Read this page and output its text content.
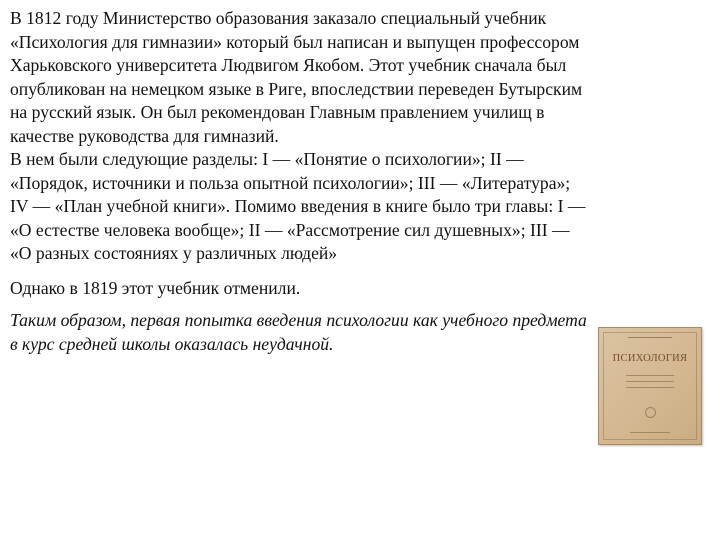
В 1812 году Министерство образования заказало специальный учебник
«Психология для гимназии» который был написан и выпущен профессором
Харьковского университета Людвигом Якобом. Этот учебник сначала был
опубликован на немецком языке в Риге, впоследствии переведен Бутырским
на русский язык. Он был рекомендован Главным правлением училищ в
качестве руководства для гимназий.

В нем были следующие разделы: I — «Понятие о психологии»; II —
«Порядок, источники и польза опытной психологии»; III — «Литература»;
IV — «План учебной книги». Помимо введения в книге было три главы: I —
«О естестве человека вообще»; II — «Рассмотрение сил душевных»; III —
«О разных состояниях у различных людей»

Однако в 1819 этот учебник отменили.

Таким образом, первая попытка введения психологии как учебного предмета
в курс средней школы оказалась неудачной.

ПСИХОЛОГИЯ
